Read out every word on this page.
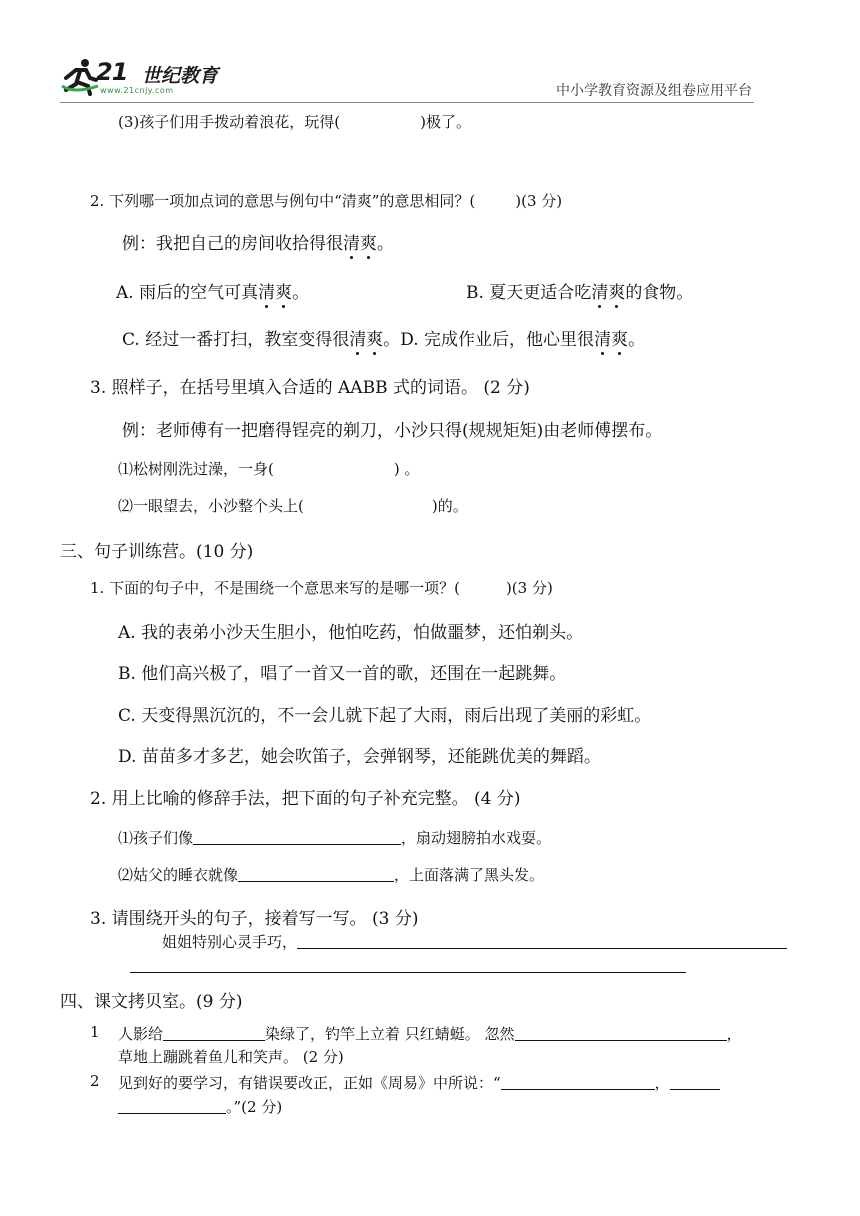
21 世纪教育
www.21cnjy.com	中小学教育资源及组卷应用平台
(3)孩子们用手拨动着浪花，玩得(	)极了。
2. 下列哪一项加点词的意思与例句中“清爽”的意思相同？(	)(3 分)
例：我把自己的房间收拾得很清爽。
A. 雨后的空气可真清爽。	B. 夏天更适合吃清爽的食物。
C. 经过一番打扫，教室变得很清爽。D. 完成作业后，他心里很清爽。
3. 照样子，在括号里填入合适的 AABB 式的词语。 (2 分)
例：老师傅有一把磨得锃亮的剃刀，小沙只得(规规矩矩)由老师傅摆布。
⑴松树刚洗过澡，一身(	) 。
⑵一眼望去，小沙整个头上(	)的。
三、句子训练营。(10 分)
1. 下面的句子中，不是围绕一个意思来写的是哪一项？(	)(3 分)
A. 我的表弟小沙天生胆小，他怕吃药，怕做噩梦，还怕剃头。
B. 他们高兴极了，唱了一首又一首的歌，还围在一起跳舞。
C. 天变得黑沉沉的，不一会儿就下起了大雨，雨后出现了美丽的彩虹。
D. 苗苗多才多艺，她会吹笛子，会弹钢琴，还能跳优美的舞蹈。
2. 用上比喻的修辞手法，把下面的句子补充完整。 (4 分)
⑴孩子们像	，扇动翅膀拍水戏耍。
⑵姑父的睡衣就像	，上面落满了黑头发。
3. 请围绕开头的句子，接着写一写。 (3 分)
姐姐特别心灵手巧，
四、课文拷贝室。(9 分)
1 人影给	染绿了，钓竿上立着 只红蜻蜓。 忽然	，
草地上蹦跳着鱼儿和笑声。 (2 分)
2 见到好的要学习，有错误要改正，正如《周易》中所说：“	，
。”(2 分)
